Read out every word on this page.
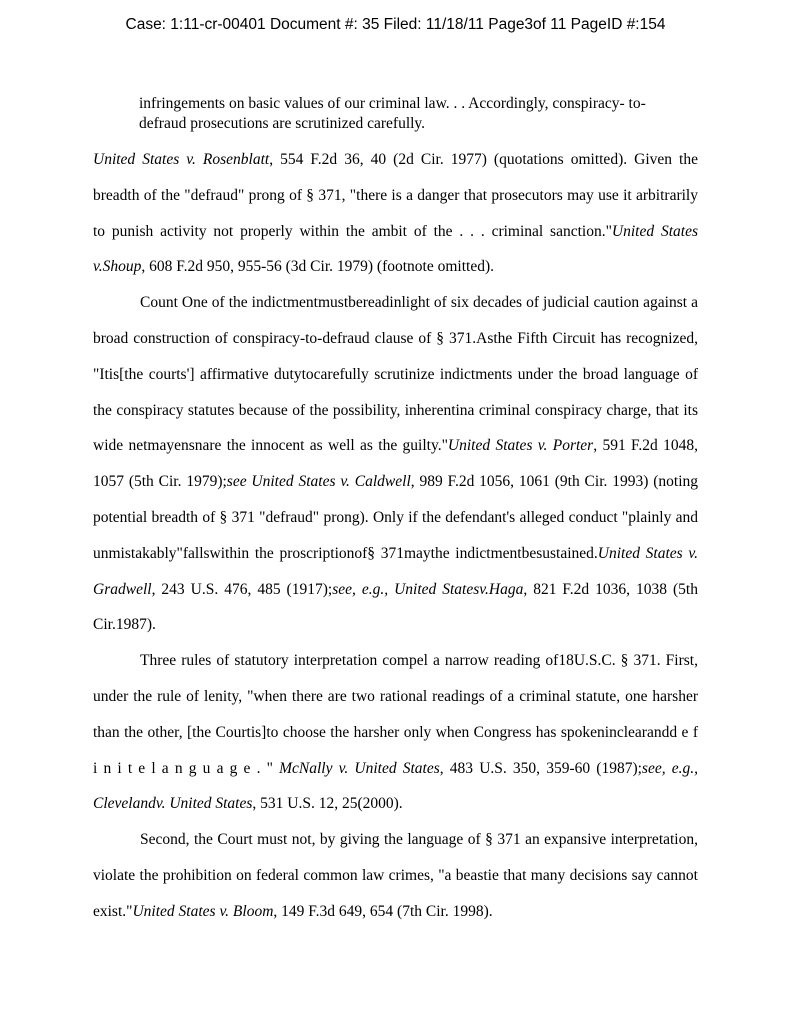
Case: 1:11-cr-00401 Document #: 35 Filed: 11/18/11 Page3of 11 PageID #:154
infringements on basic values of our criminal law. . . Accordingly, conspiracy- to-defraud prosecutions are scrutinized carefully.

United States v. Rosenblatt, 554 F.2d 36, 40 (2d Cir. 1977) (quotations omitted). Given the breadth of the "defraud" prong of § 371, "there is a danger that prosecutors may use it arbitrarily to punish activity not properly within the ambit of the . . . criminal sanction."United States v.Shoup, 608 F.2d 950, 955-56 (3d Cir. 1979) (footnote omitted).

Count One of the indictmentmustbereadinlight of six decades of judicial caution against a broad construction of conspiracy-to-defraud clause of § 371.Asthe Fifth Circuit has recognized, "Itis[the courts'] affirmative dutytocarefully scrutinize indictments under the broad language of the conspiracy statutes because of the possibility, inherentina criminal conspiracy charge, that its wide netmayensnare the innocent as well as the guilty."United States v. Porter, 591 F.2d 1048, 1057 (5th Cir. 1979);see United States v. Caldwell, 989 F.2d 1056, 1061 (9th Cir. 1993) (noting potential breadth of § 371 "defraud" prong). Only if the defendant's alleged conduct "plainly and unmistakably"fallswithin the proscriptionof§ 371maythe indictmentbesustained.United States v. Gradwell, 243 U.S. 476, 485 (1917);see, e.g., United Statesv.Haga, 821 F.2d 1036, 1038 (5th Cir.1987).

Three rules of statutory interpretation compel a narrow reading of18U.S.C. § 371. First, under the rule of lenity, "when there are two rational readings of a criminal statute, one harsher than the other, [the Courtis]to choose the harsher only when Congress has spokeninclearandd e f i n i t e l a n g u a g e . " McNally v. United States, 483 U.S. 350, 359-60 (1987);see, e.g., Clevelandv. United States, 531 U.S. 12, 25(2000).

Second, the Court must not, by giving the language of § 371 an expansive interpretation, violate the prohibition on federal common law crimes, "a beastie that many decisions say cannot exist."United States v. Bloom, 149 F.3d 649, 654 (7th Cir. 1998).
